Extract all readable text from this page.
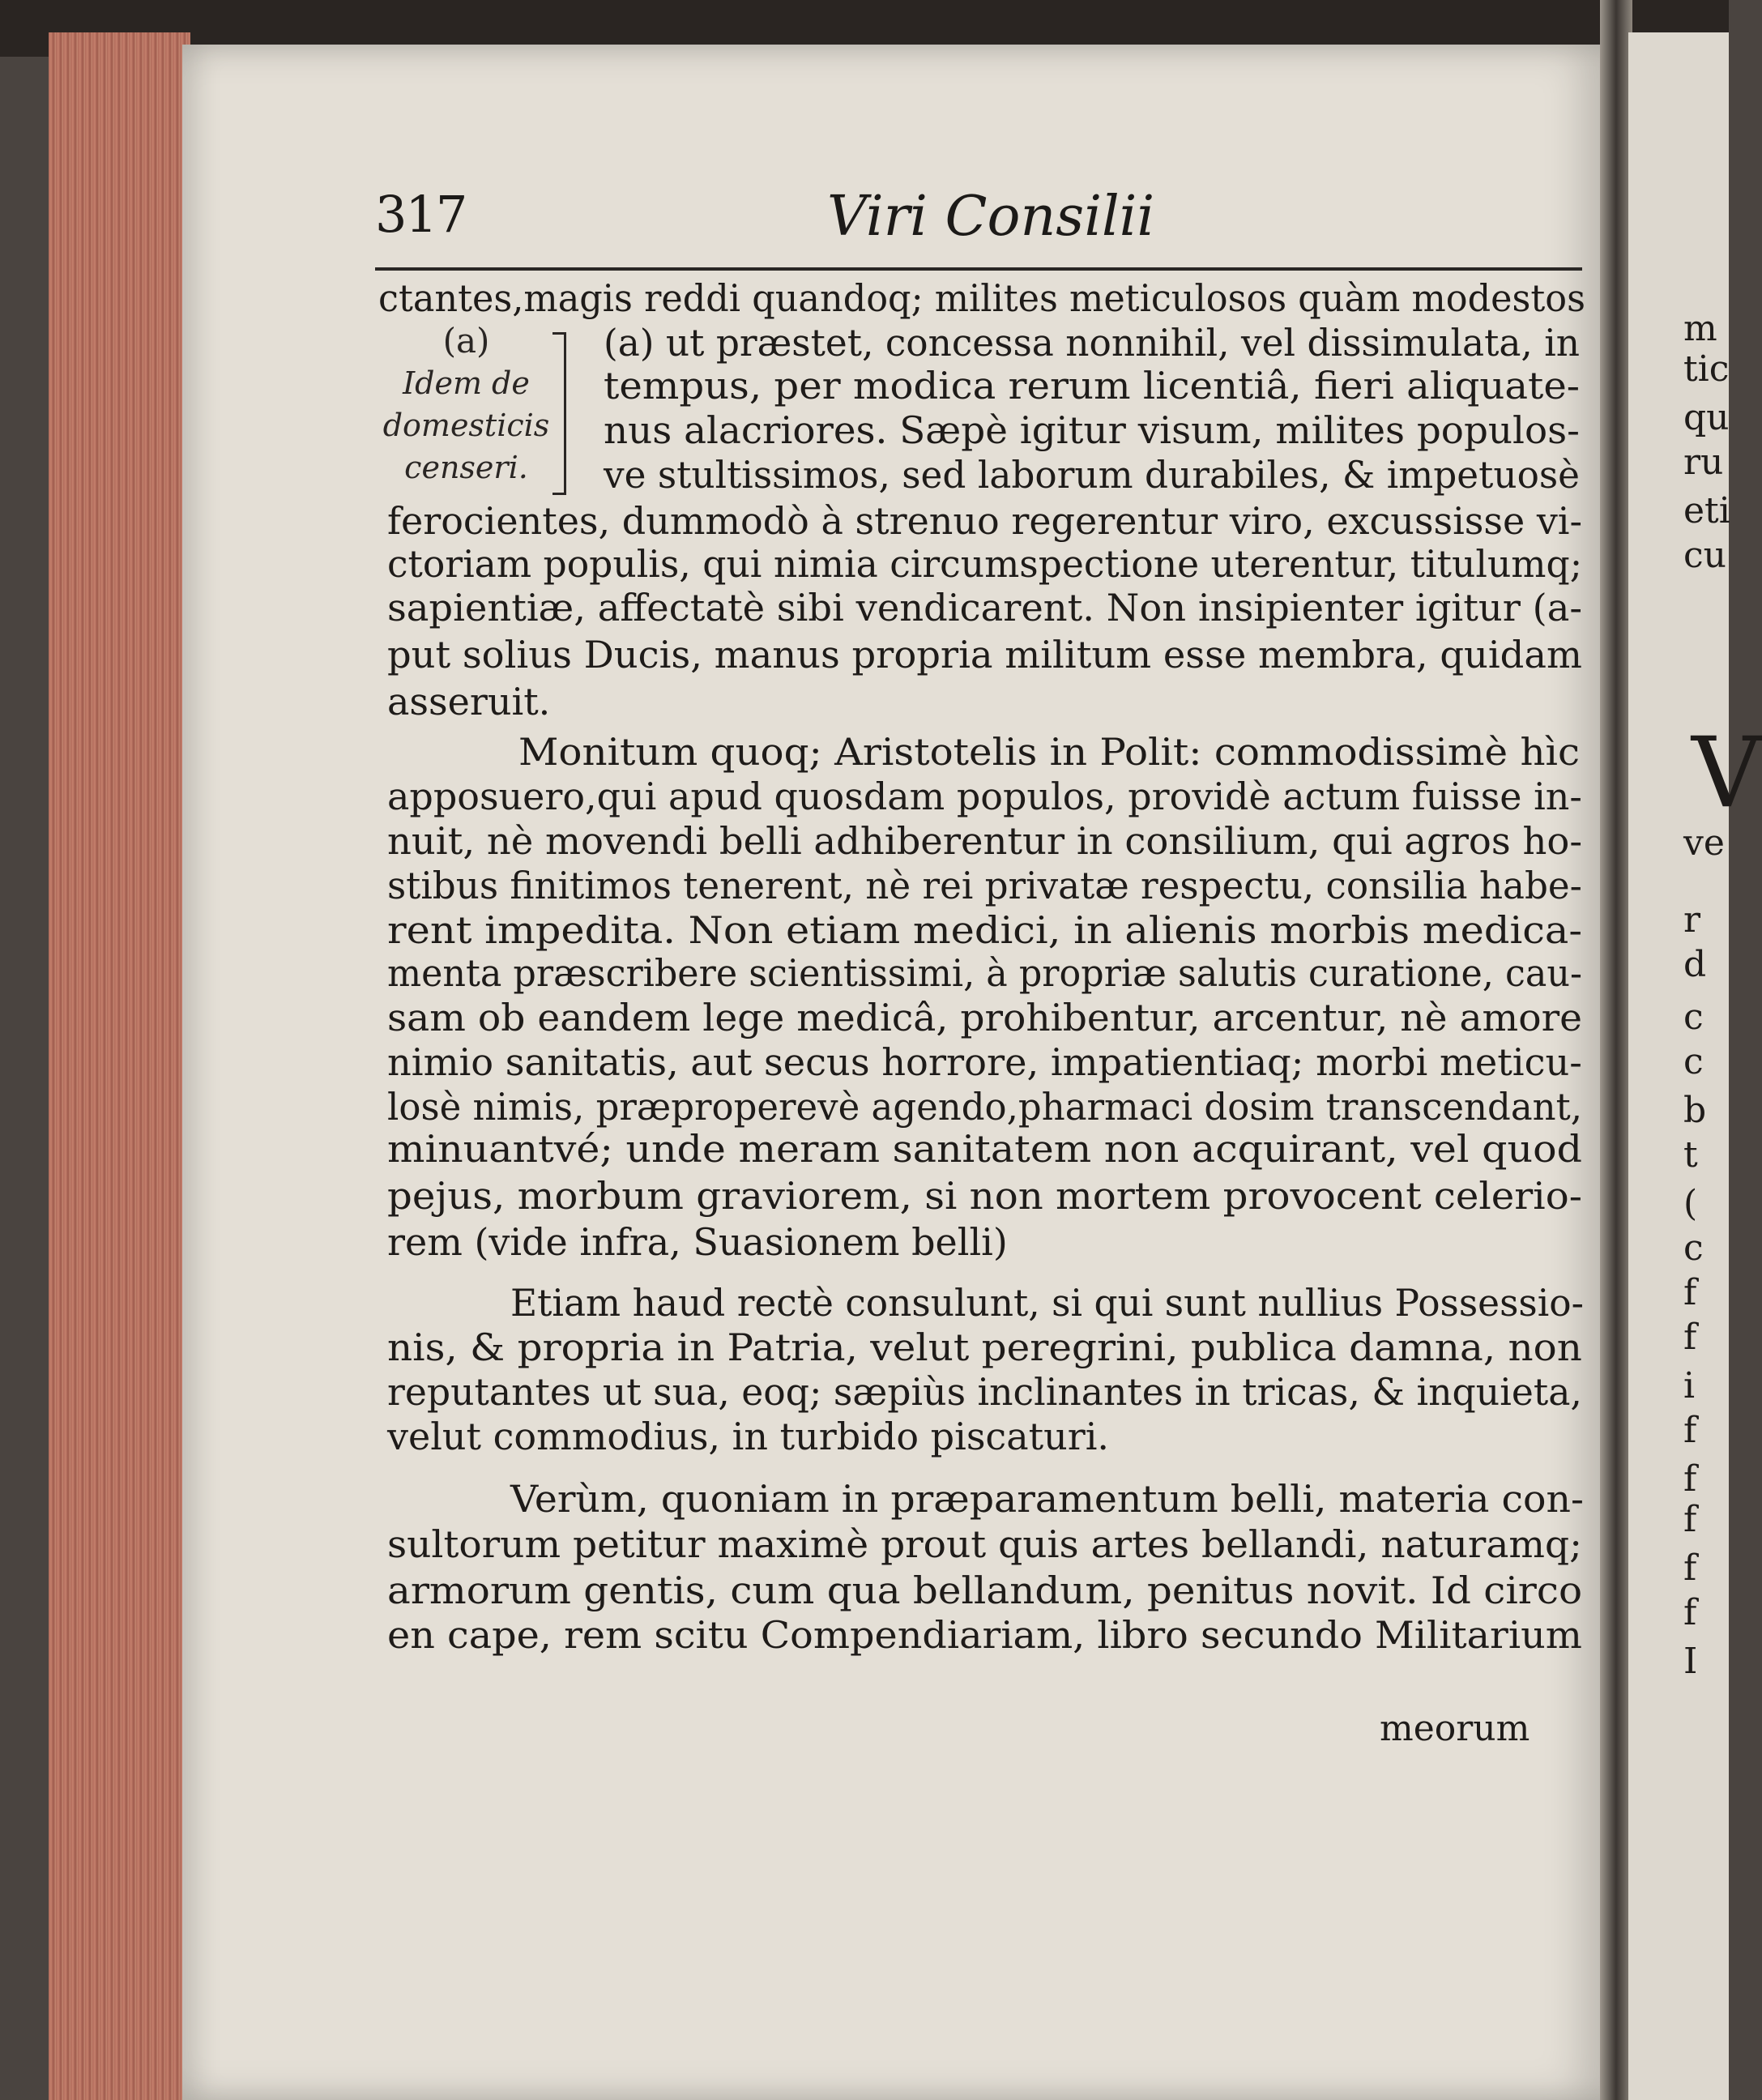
317	Viri Consilii
(a)
Idem de
domesticis
censeri.
ctantes,magis reddi quandoq; milites meticulosos quàm modestos
(a) ut præstet, concessa nonnihil, vel dissimulata, in
tempus, per modica rerum licentiâ, fieri aliquate-
nus alacriores. Sæpè igitur visum, milites populos-
ve stultissimos, sed laborum durabiles, & impetuosè
ferocientes, dummodò à strenuo regerentur viro, excussisse vi-
ctoriam populis, qui nimia circumspectione uterentur, titulumq;
sapientiæ, affectatè sibi vendicarent. Non insipienter igitur (a-
put solius Ducis, manus propria militum esse membra, quidam
asseruit.
Monitum quoq; Aristotelis in Polit: commodissimè hìc
apposuero,qui apud quosdam populos, providè actum fuisse in-
nuit, nè movendi belli adhiberentur in consilium, qui agros ho-
stibus finitimos tenerent, nè rei privatæ respectu, consilia habe-
rent impedita. Non etiam medici, in alienis morbis medica-
menta præscribere scientissimi, à propriæ salutis curatione, cau-
sam ob eandem lege medicâ, prohibentur, arcentur, nè amore
nimio sanitatis, aut secus horrore, impatientiaq; morbi meticu-
losè nimis, præproperevè agendo,pharmaci dosim transcendant,
minuantvé; unde meram sanitatem non acquirant, vel quod
pejus, morbum graviorem, si non mortem provocent celerio-
rem (vide infra, Suasionem belli)
Etiam haud rectè consulunt, si qui sunt nullius Possessio-
nis, & propria in Patria, velut peregrini, publica damna, non
reputantes ut sua, eoq; sæpiùs inclinantes in tricas, & inquieta,
velut commodius, in turbido piscaturi.
Verùm, quoniam in præparamentum belli, materia con-
sultorum petitur maximè prout quis artes bellandi, naturamq;
armorum gentis, cum qua bellandum, penitus novit. Id circo
en cape, rem scitu Compendiariam, libro secundo Militarium
meorum
m
tic
qu
ru
eti
cu
V
ve
r
d
c
c
b
t
(
c
f
f
i
f
f
f
f
f
I
